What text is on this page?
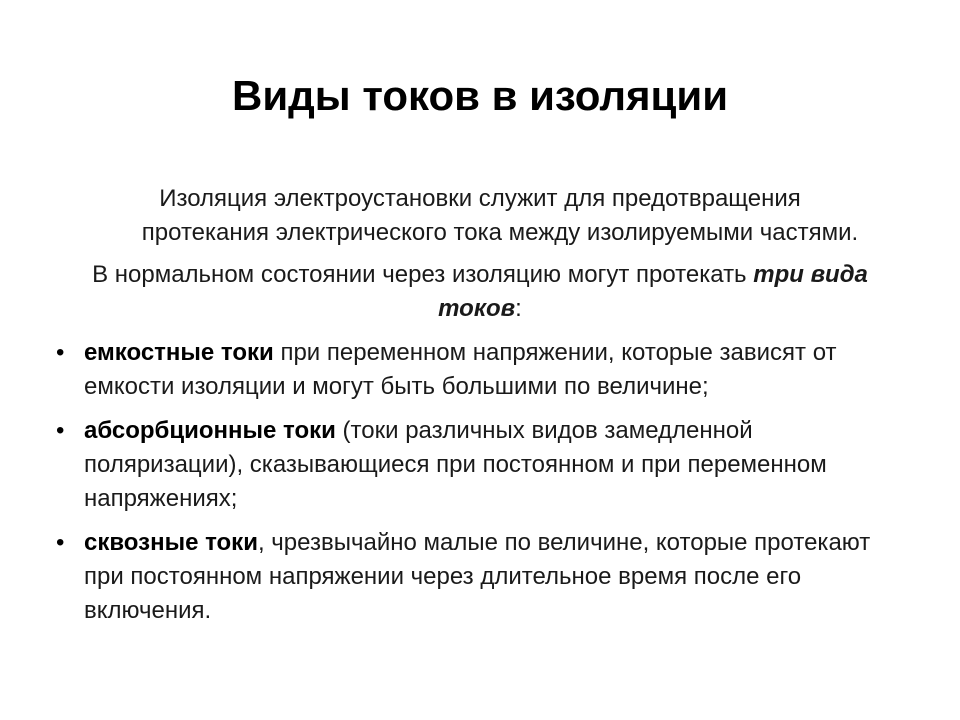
Виды токов в изоляции

Изоляция электроустановки служит для предотвращения
протекания электрического тока между изолируемыми частями.

В нормальном состоянии через изоляцию могут протекать три вида токов:

• емкостные токи при переменном напряжении, которые зависят от емкости изоляции и могут быть большими по величине;
• абсорбционные токи (токи различных видов замедленной поляризации), сказывающиеся при постоянном и при переменном напряжениях;
• сквозные токи, чрезвычайно малые по величине, которые протекают при постоянном напряжении через длительное время после его включения.
